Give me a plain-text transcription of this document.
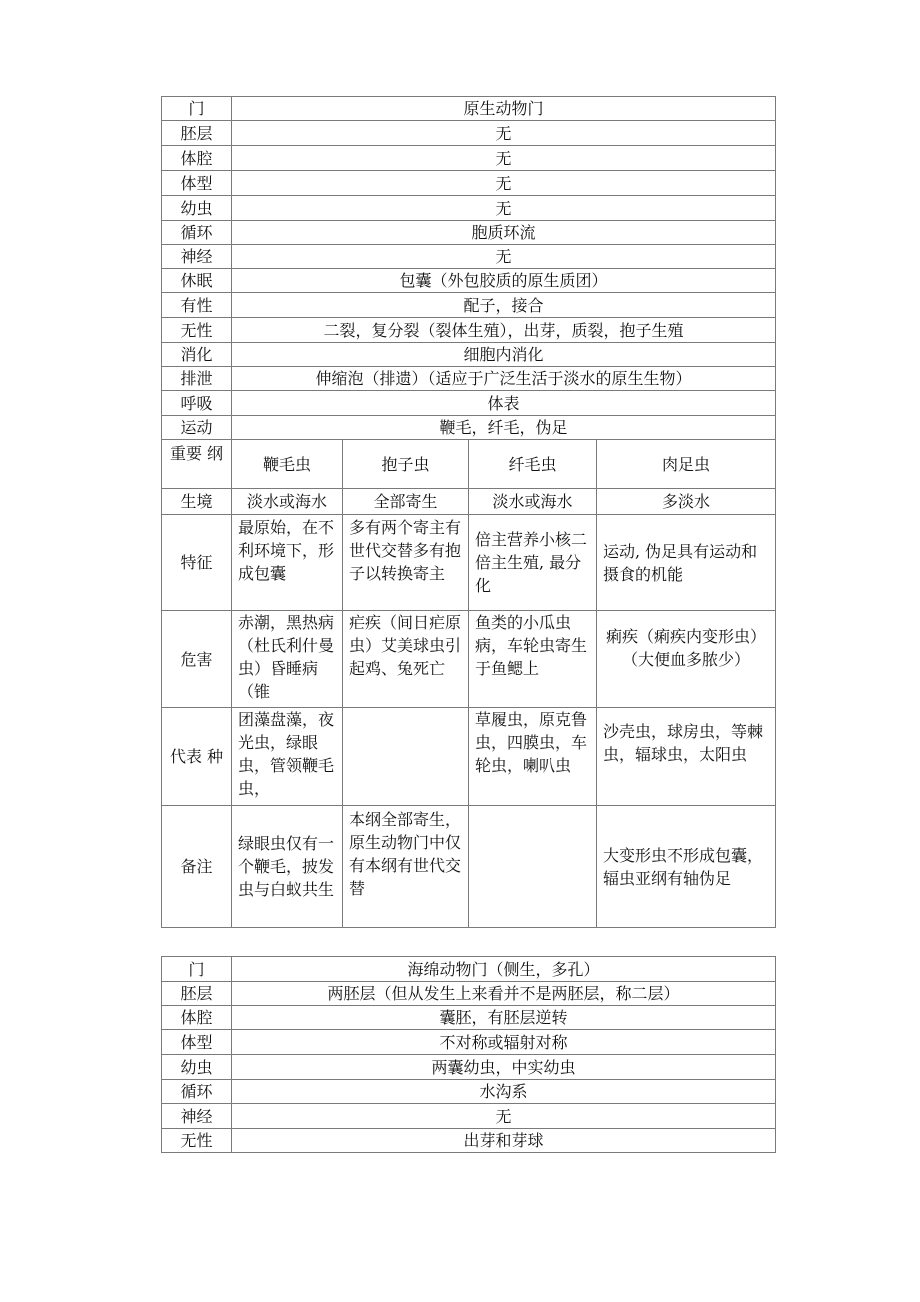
门	原生动物门			
胚层	无			
体腔	无			
体型	无			
幼虫	无			
循环	胞质环流			
神经	无			
休眠	包囊（外包胶质的原生质团）			
有性	配子，接合			
无性	二裂，复分裂（裂体生殖），出芽，质裂，抱子生殖			
消化	细胞内消化			
排泄	伸缩泡（排遗）（适应于广泛生活于淡水的原生生物）			
呼吸	体表			
运动	鞭毛，纤毛，伪足			
重要 纲	鞭毛虫	抱子虫	纤毛虫	肉足虫
生境	淡水或海水	全部寄生	淡水或海水	多淡水
特征	最原始，在不利环境下，形成包囊	多有两个寄主有世代交替多有抱子以转换寄主	倍主营养小核二倍主生殖, 最分化	运动, 伪足具有运动和摄食的机能
危害	赤潮，黑热病（杜氏利什曼虫）昏睡病（锥	疟疾（间日疟原虫）艾美球虫引起鸡、兔死亡	鱼类的小瓜虫病，车轮虫寄生于鱼鳃上	痢疾（痢疾内变形虫）（大便血多脓少）
代表 种	团藻盘藻，夜光虫，绿眼虫，管领鞭毛虫，		草履虫，原克鲁虫，四膜虫，车轮虫，喇叭虫	沙壳虫，球房虫，等棘虫，辐球虫，太阳虫
备注	绿眼虫仅有一个鞭毛，披发虫与白蚁共生	本纲全部寄生，原生动物门中仅有本纲有世代交替		大变形虫不形成包囊，辐虫亚纲有轴伪足
门	海绵动物门（侧生，多孔）
胚层	两胚层（但从发生上来看并不是两胚层，称二层）
体腔	囊胚，有胚层逆转
体型	不对称或辐射对称
幼虫	两囊幼虫，中实幼虫
循环	水沟系
神经	无
无性	出芽和芽球
